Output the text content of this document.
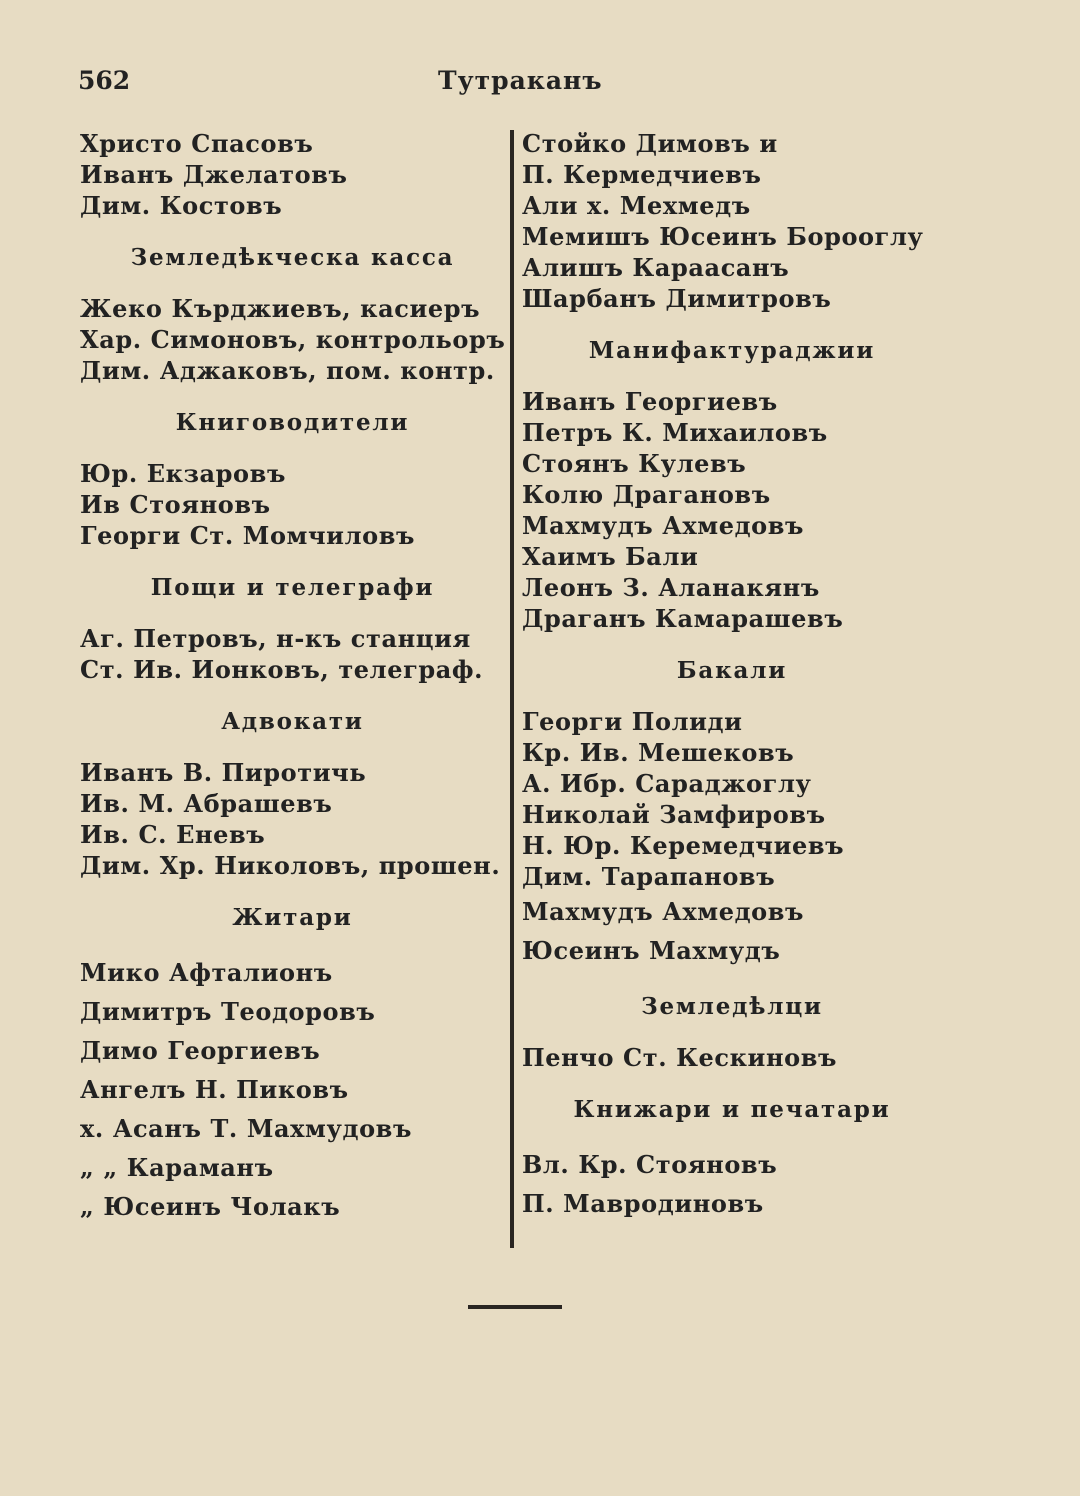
562	Тутраканъ
Христо Спасовъ
Иванъ Джелатовъ
Дим. Костовъ
Земледѣкческа касса
Жеко Кърджиевъ, касиеръ
Хар. Симоновъ, контрольоръ
Дим. Аджаковъ, пом. контр.
Книговодители
Юр. Екзаровъ
Ив Стояновъ
Георги Ст. Момчиловъ
Пощи и телеграфи
Аг. Петровъ, н-къ станция
Ст. Ив. Ионковъ, телеграф.
Адвокати
Иванъ В. Пиротичь
Ив. М. Абрашевъ
Ив. С. Еневъ
Дим. Хр. Николовъ, прошен.
Житари
Мико Афталионъ
Димитръ Теодоровъ
Димо Георгиевъ
Ангелъ Н. Пиковъ
х. Асанъ Т. Махмудовъ
„ „ Караманъ
„ Юсеинъ Чолакъ
Стойко Димовъ и
П. Кермедчиевъ
Али х. Мехмедъ
Мемишъ Юсеинъ Борооглу
Алишъ Караасанъ
Шарбанъ Димитровъ
Манифактураджии
Иванъ Георгиевъ
Петръ К. Михаиловъ
Стоянъ Кулевъ
Колю Драгановъ
Махмудъ Ахмедовъ
Хаимъ Бали
Леонъ З. Аланакянъ
Драганъ Камарашевъ
Бакали
Георги Полиди
Кр. Ив. Мешековъ
А. Ибр. Сараджоглу
Николай Замфировъ
Н. Юр. Керемедчиевъ
Дим. Тарапановъ
Махмудъ Ахмедовъ
Юсеинъ Махмудъ
Земледѣлци
Пенчо Ст. Кескиновъ
Книжари и печатари
Вл. Кр. Стояновъ
П. Мавродиновъ
